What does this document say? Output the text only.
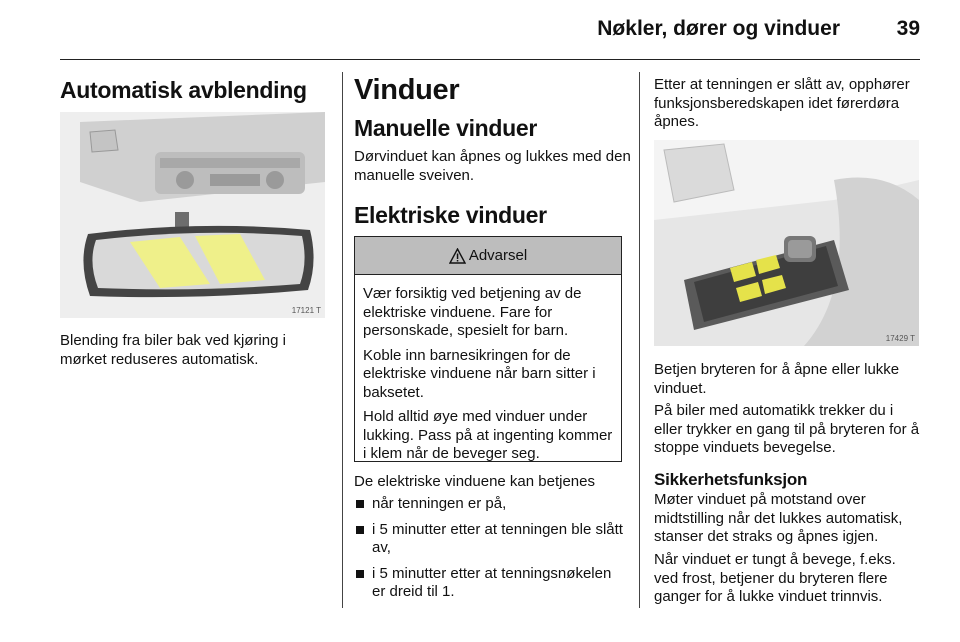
Nøkler, dører og vinduer	39
Automatisk avblending
17121 T
Blending fra biler bak ved kjøring i mørket reduseres automatisk.
Vinduer
Manuelle vinduer
Dørvinduet kan åpnes og lukkes med den manuelle sveiven.
Elektriske vinduer
Advarsel

Vær forsiktig ved betjening av de elektriske vinduene. Fare for personskade, spesielt for barn.

Koble inn barnesikringen for de elektriske vinduene når barn sitter i baksetet.

Hold alltid øye med vinduer under lukking. Pass på at ingenting kommer i klem når de beveger seg.

De elektriske vinduene kan betjenes
når tenningen er på,
i 5 minutter etter at tenningen ble slått av,
i 5 minutter etter at tenningsnøkelen er dreid til 1.
Etter at tenningen er slått av, opphører funksjonsberedskapen idet førerdøra åpnes.
17429 T
Betjen bryteren for å åpne eller lukke vinduet.
På biler med automatikk trekker du i eller trykker en gang til på bryteren for å stoppe vinduets bevegelse.
Sikkerhetsfunksjon
Møter vinduet på motstand over midtstilling når det lukkes automatisk, stanser det straks og åpnes igjen.
Når vinduet er tungt å bevege, f.eks. ved frost, betjener du bryteren flere ganger for å lukke vinduet trinnvis.
